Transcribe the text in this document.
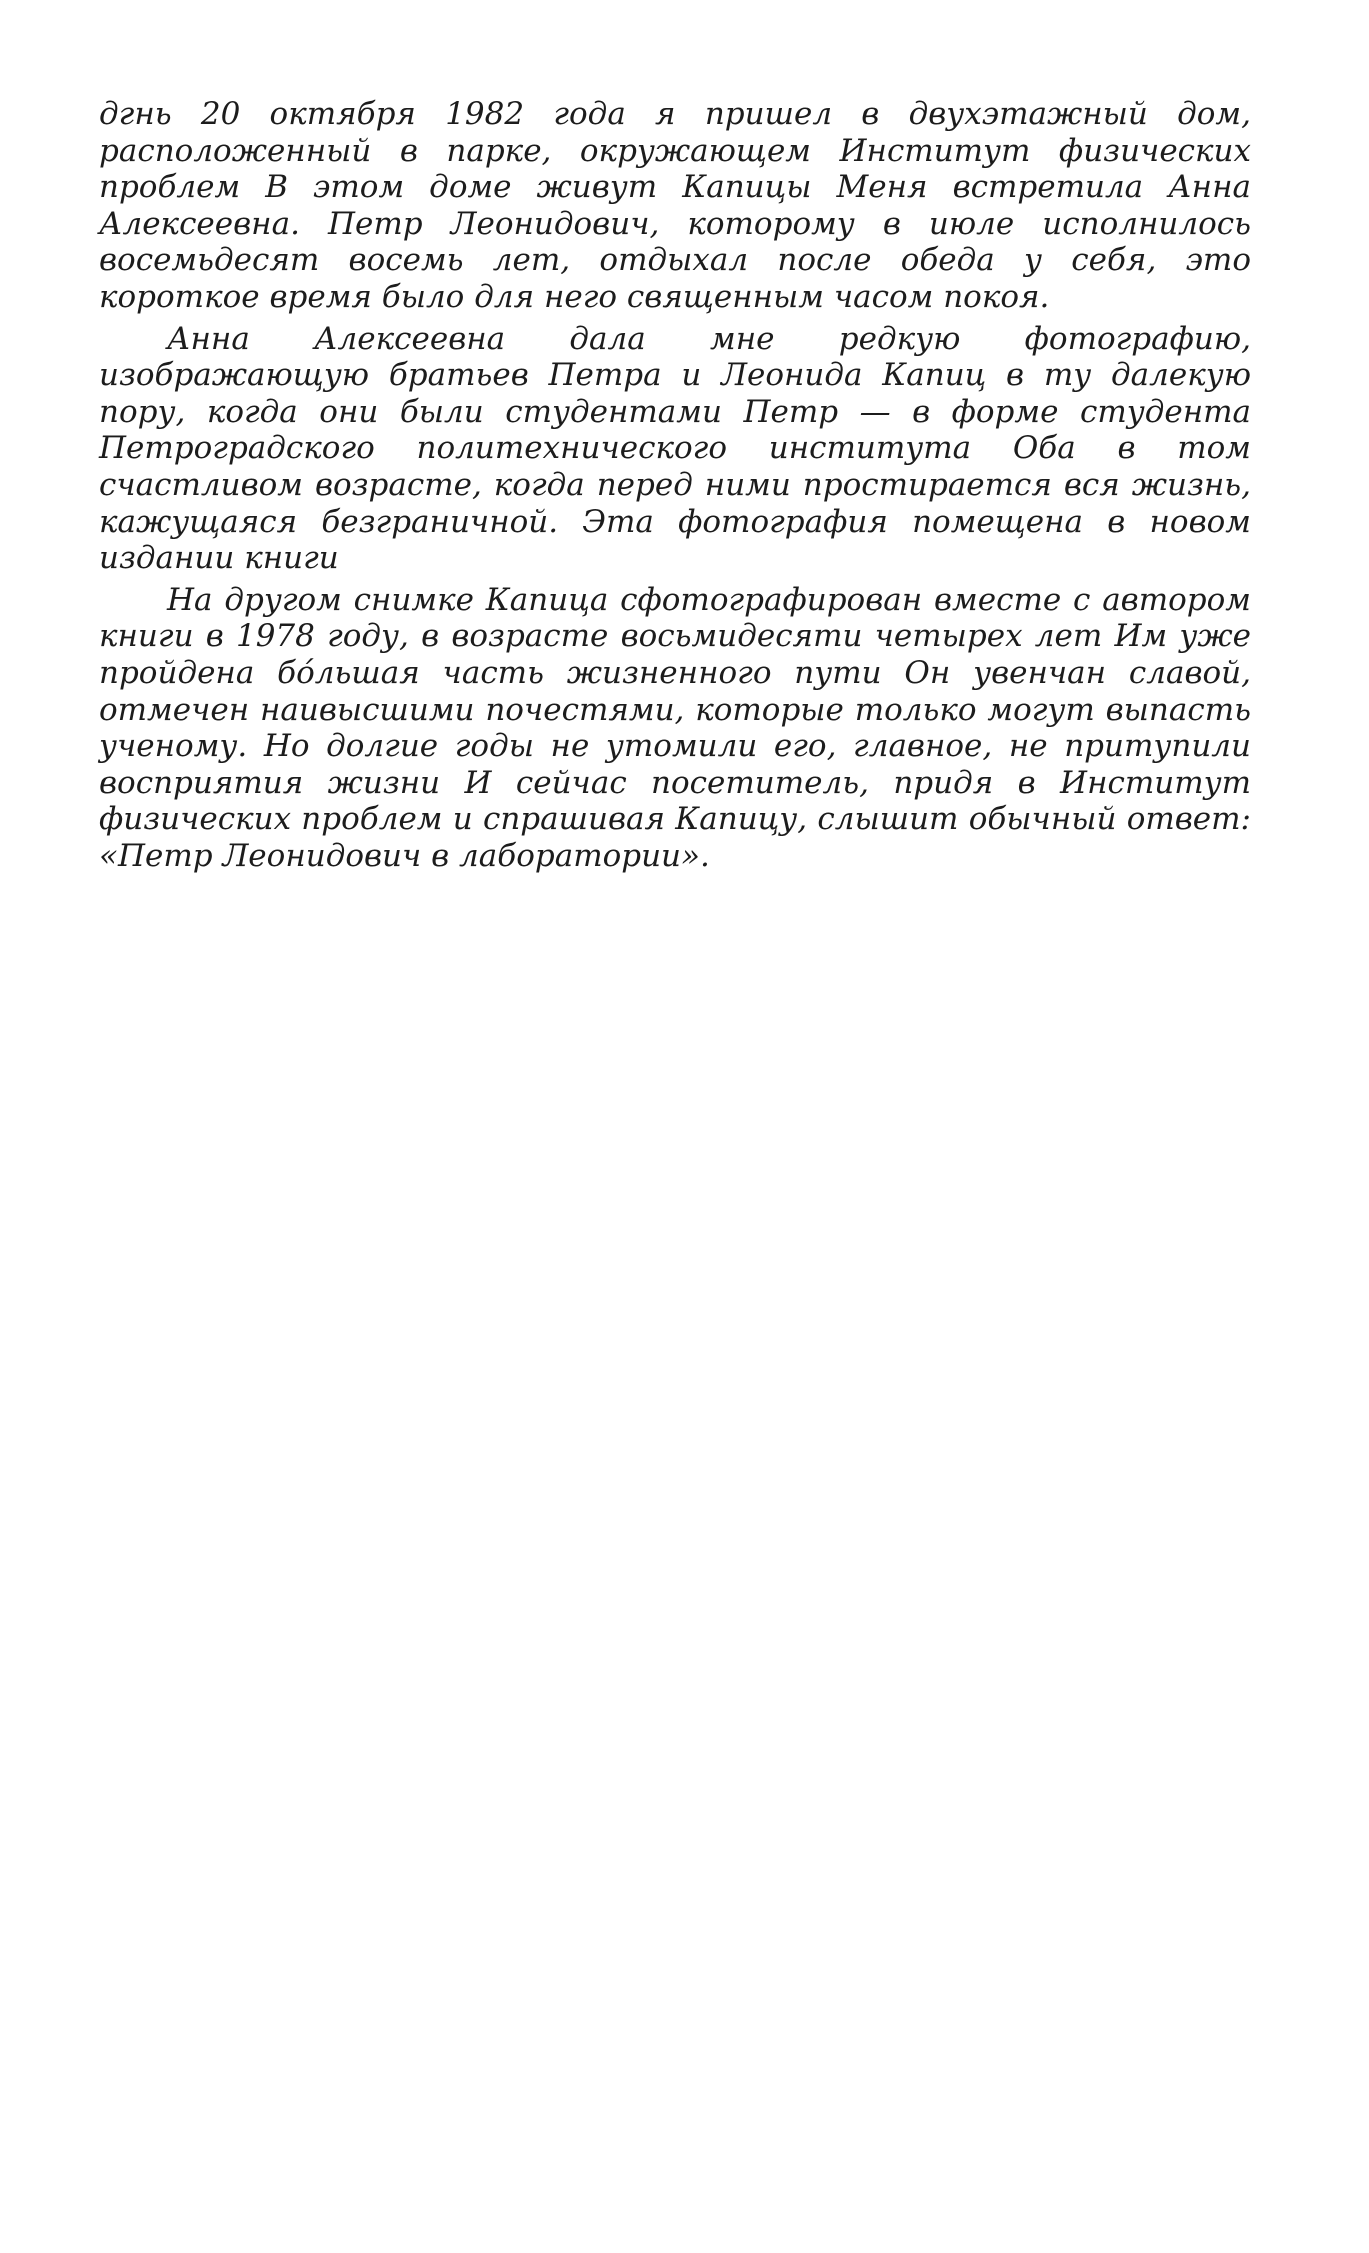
дгнь 20 октября 1982 года я пришел в двухэтажный дом, расположенный в парке, окружающем Институт физических проблем В этом доме живут Капицы Меня встретила Анна Алексеевна. Петр Леонидович, которому в июле исполнилось восемьдесят восемь лет, отдыхал после обеда у себя, это короткое время было для него священным часом покоя.

Анна Алексеевна дала мне редкую фотографию, изображающую братьев Петра и Леонида Капиц в ту далекую пору, когда они были студентами Петр — в форме студента Петроградского политехнического института Оба в том счастливом возрасте, когда перед ними простирается вся жизнь, кажущаяся безграничной. Эта фотография помещена в новом издании книги

На другом снимке Капица сфотографирован вместе с автором книги в 1978 году, в возрасте восьмидесяти четырех лет Им уже пройдена бóльшая часть жизненного пути Он увенчан славой, отмечен наивысшими почестями, которые только могут выпасть ученому. Но долгие годы не утомили его, главное, не притупили восприятия жизни И сейчас посетитель, придя в Институт физических проблем и спрашивая Капицу, слышит обычный ответ: «Петр Леонидович в лаборатории».
